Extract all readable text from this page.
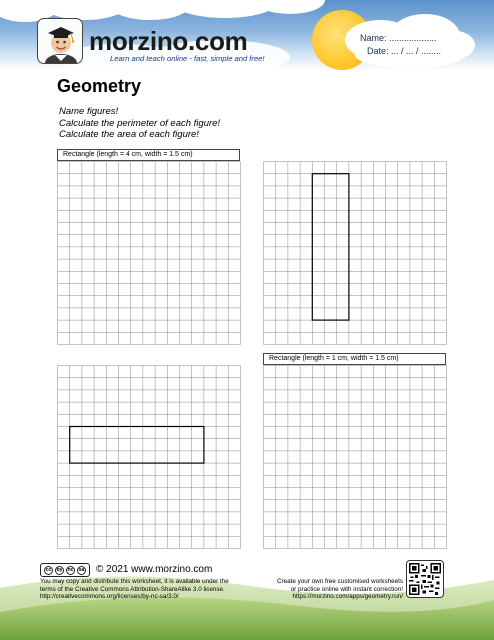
morzino.com
Learn and teach online - fast, simple and free!
Name: ...................
Date: ... / ... / ........
Geometry
Name figures!
Calculate the perimeter of each figure!
Calculate the area of each figure!
Rectangle (length = 4 cm, width = 1.5 cm)
Rectangle (length = 1 cm, width = 1.5 cm)
cc	by	nc	sa © 2021 www.morzino.com
You may copy and distribute this worksheet, it is available under the
terms of the Creative Commons Attribution-ShareAlike 3.0 license.
http://creativecommons.org/licenses/by-nc-sa/3.0/
Create your own free customised worksheets
or practice online with instant correction!
https://morzino.com/apps/geometry.run/
